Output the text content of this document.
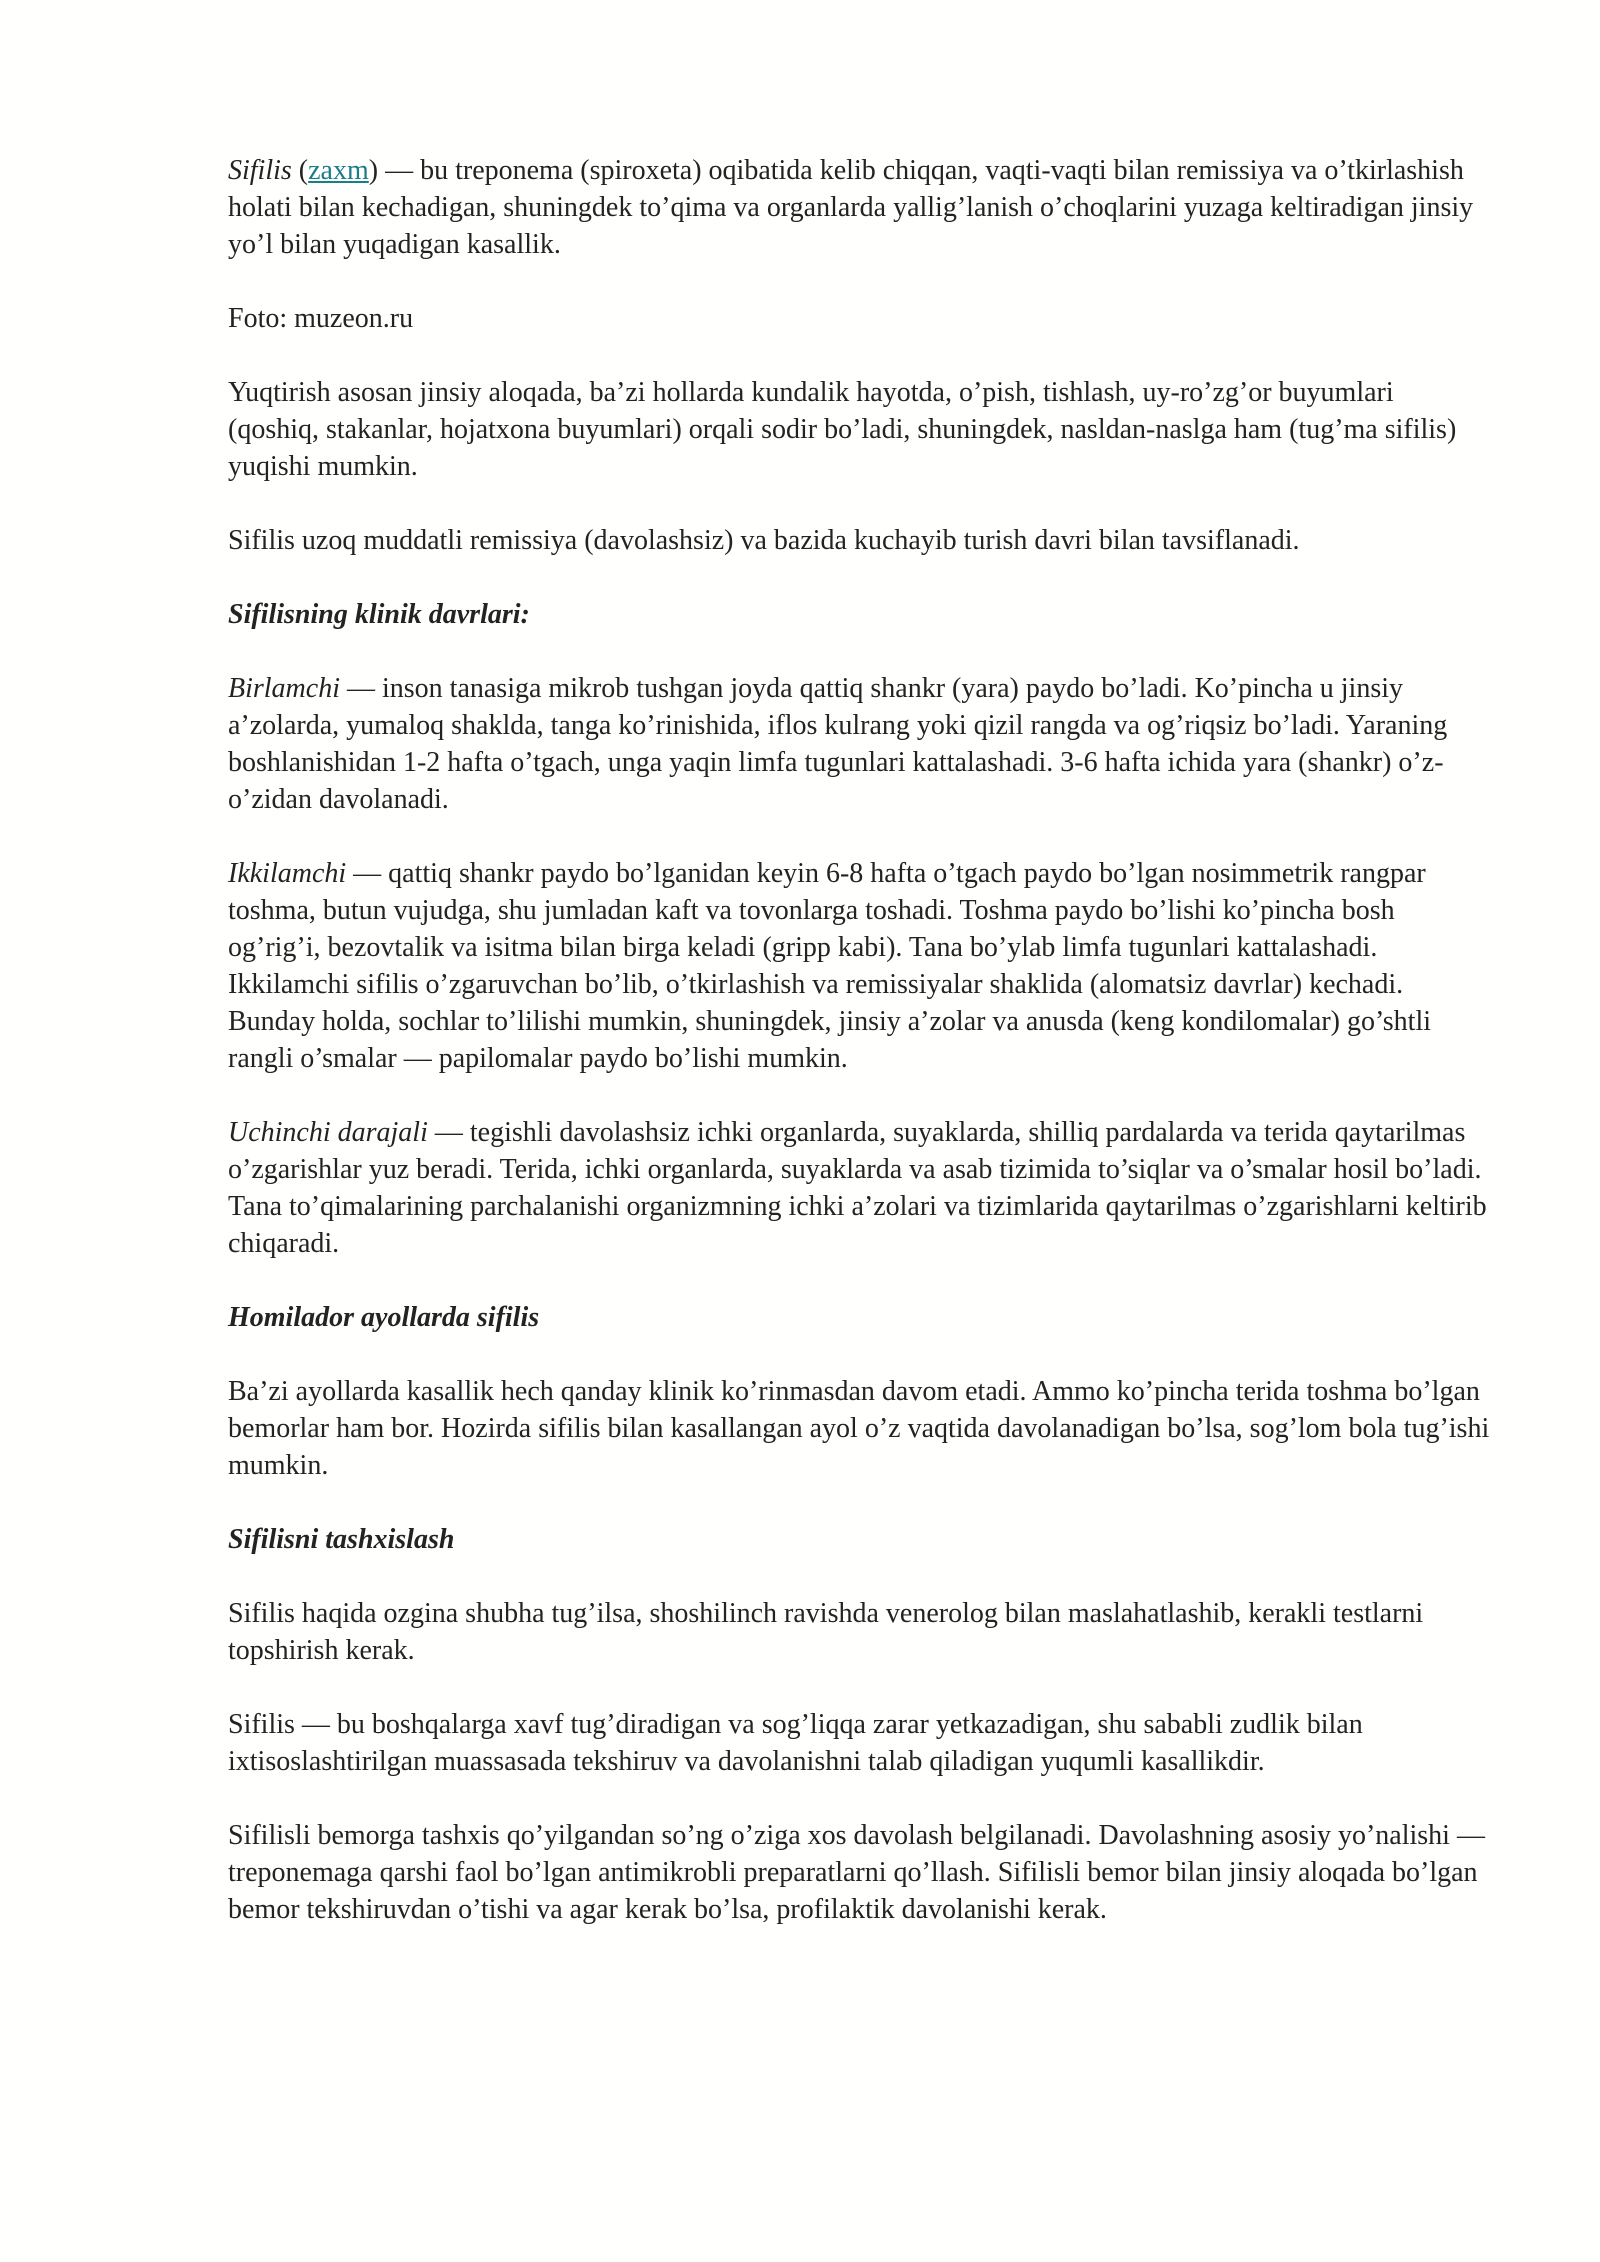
Sifilis (zaxm) — bu treponema (spiroxeta) oqibatida kelib chiqqan, vaqti-vaqti bilan remissiya va o’tkirlashish holati bilan kechadigan, shuningdek to’qima va organlarda yallig’lanish o’choqlarini yuzaga keltiradigan jinsiy yo’l bilan yuqadigan kasallik.

Foto: muzeon.ru

Yuqtirish asosan jinsiy aloqada, ba’zi hollarda kundalik hayotda, o’pish, tishlash, uy-ro’zg’or buyumlari (qoshiq, stakanlar, hojatxona buyumlari) orqali sodir bo’ladi, shuningdek, nasldan-naslga ham (tug’ma sifilis) yuqishi mumkin.

Sifilis uzoq muddatli remissiya (davolashsiz) va bazida kuchayib turish davri bilan tavsiflanadi.

Sifilisning klinik davrlari:

Birlamchi — inson tanasiga mikrob tushgan joyda qattiq shankr (yara) paydo bo’ladi. Ko’pincha u jinsiy a’zolarda, yumaloq shaklda, tanga ko’rinishida, iflos kulrang yoki qizil rangda va og’riqsiz bo’ladi. Yaraning boshlanishidan 1-2 hafta o’tgach, unga yaqin limfa tugunlari kattalashadi. 3-6 hafta ichida yara (shankr) o’z-o’zidan davolanadi.

Ikkilamchi — qattiq shankr paydo bo’lganidan keyin 6-8 hafta o’tgach paydo bo’lgan nosimmetrik rangpar toshma, butun vujudga, shu jumladan kaft va tovonlarga toshadi. Toshma paydo bo’lishi ko’pincha bosh og’rig’i, bezovtalik va isitma bilan birga keladi (gripp kabi). Tana bo’ylab limfa tugunlari kattalashadi. Ikkilamchi sifilis o’zgaruvchan bo’lib, o’tkirlashish va remissiyalar shaklida (alomatsiz davrlar) kechadi. Bunday holda, sochlar to’lilishi mumkin, shuningdek, jinsiy a’zolar va anusda (keng kondilomalar) go’shtli rangli o’smalar — papilomalar paydo bo’lishi mumkin.

Uchinchi darajali — tegishli davolashsiz ichki organlarda, suyaklarda, shilliq pardalarda va terida qaytarilmas o’zgarishlar yuz beradi. Terida, ichki organlarda, suyaklarda va asab tizimida to’siqlar va o’smalar hosil bo’ladi. Tana to’qimalarining parchalanishi organizmning ichki a’zolari va tizimlarida qaytarilmas o’zgarishlarni keltirib chiqaradi.

Homilador ayollarda sifilis

Ba’zi ayollarda kasallik hech qanday klinik ko’rinmasdan davom etadi. Ammo ko’pincha terida toshma bo’lgan bemorlar ham bor. Hozirda sifilis bilan kasallangan ayol o’z vaqtida davolanadigan bo’lsa, sog’lom bola tug’ishi mumkin.

Sifilisni tashxislash

Sifilis haqida ozgina shubha tug’ilsa, shoshilinch ravishda venerolog bilan maslahatlashib, kerakli testlarni topshirish kerak.

Sifilis — bu boshqalarga xavf tug’diradigan va sog’liqqa zarar yetkazadigan, shu sababli zudlik bilan ixtisoslashtirilgan muassasada tekshiruv va davolanishni talab qiladigan yuqumli kasallikdir.

Sifilisli bemorga tashxis qo’yilgandan so’ng o’ziga xos davolash belgilanadi. Davolashning asosiy yo’nalishi — treponemaga qarshi faol bo’lgan antimikrobli preparatlarni qo’llash. Sifilisli bemor bilan jinsiy aloqada bo’lgan bemor tekshiruvdan o’tishi va agar kerak bo’lsa, profilaktik davolanishi kerak.
